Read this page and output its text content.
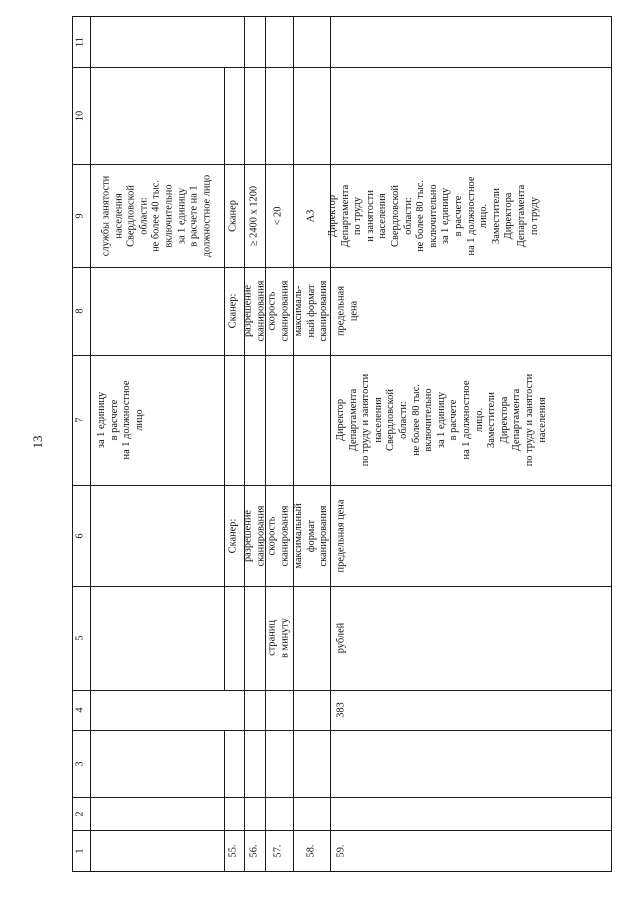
13
11
10
9
8
7
6
5
4
3
2
1
за 1 единицу
в расчете
на 1 должностное
лицо
службы занятости
населения
Свердловской
области:
не более 40 тыс.
включительно
за 1 единицу
в расчете на 1
должностное лицо
55.
Сканер:
Сканер:
Сканер
56.
разрешение
сканирования
разрешение
сканирования
≥ 2400 х 1200
57.
страниц
в минуту
скорость
сканирования
скорость
сканирования
< 20
58.
максимальный
формат
сканирования
максималь-
ный формат
сканирования
А3
59.
383
рублей
предельная цена
Директор
Департамента
по труду и занятости
населения
Свердловской
области:
не более 80 тыс.
включительно
за 1 единицу
в расчете
на 1 должностное
лицо.
Заместители
Директора
Департамента
по труду и занятости
населения
предельная
цена
Директор
Департамента
по труду
и занятости
населения
Свердловской
области:
не более 80 тыс.
включительно
за 1 единицу
в расчете
на 1 должностное
лицо.
Заместители
Директора
Департамента
по труду
